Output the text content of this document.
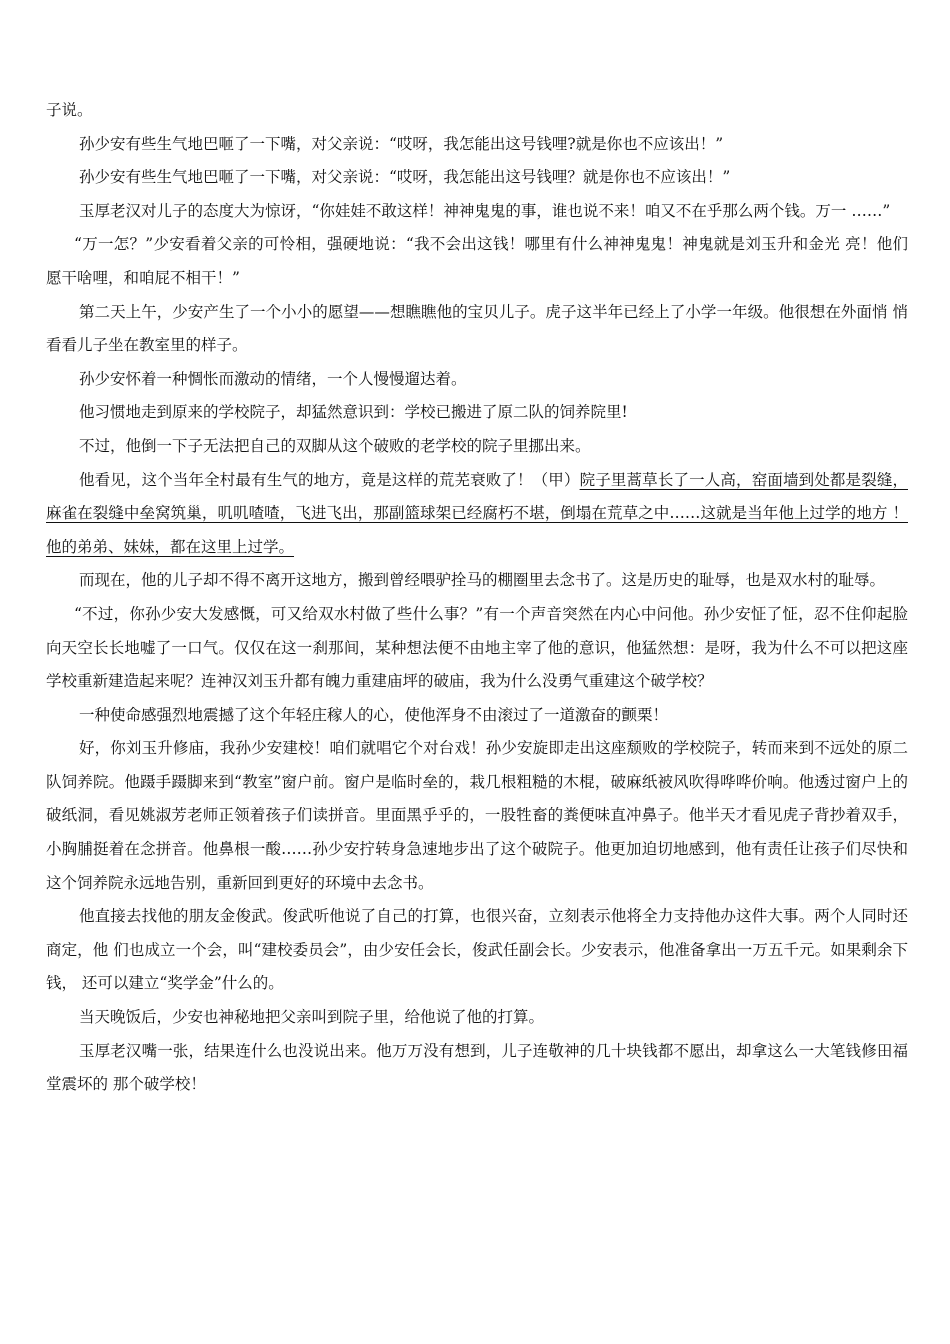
子说。

孙少安有些生气地巴咂了一下嘴，对父亲说：“哎呀，我怎能出这号钱哩?就是你也不应该出！”

孙少安有些生气地巴咂了一下嘴，对父亲说：“哎呀，我怎能出这号钱哩？就是你也不应该出！”

玉厚老汉对儿子的态度大为惊讶，“你娃娃不敢这样！神神鬼鬼的事，谁也说不来！咱又不在乎那么两个钱。万一 ……”

“万一怎？”少安看着父亲的可怜相，强硬地说：“我不会出这钱！哪里有什么神神鬼鬼！神鬼就是刘玉升和金光 亮！他们愿干啥哩，和咱屁不相干！”

第二天上午，少安产生了一个小小的愿望——想瞧瞧他的宝贝儿子。虎子这半年已经上了小学一年级。他很想在外面悄 悄看看儿子坐在教室里的样子。

孙少安怀着一种惆怅而激动的情绪，一个人慢慢遛达着。

他习惯地走到原来的学校院子，却猛然意识到：学校已搬进了原二队的饲养院里!

不过，他倒一下子无法把自己的双脚从这个破败的老学校的院子里挪出来。

他看见，这个当年全村最有生气的地方，竟是这样的荒芜衰败了！（甲）院子里蒿草长了一人高，窑面墙到处都是裂缝，麻雀在裂缝中垒窝筑巢，叽叽喳喳，飞进飞出，那副篮球架已经腐朽不堪，倒塌在荒草之中……这就是当年他上过学的地方 ！他的弟弟、妹妹，都在这里上过学。

而现在，他的儿子却不得不离开这地方，搬到曾经喂驴拴马的棚圈里去念书了。这是历史的耻辱，也是双水村的耻辱。

“不过，你孙少安大发感慨，可又给双水村做了些什么事？”有一个声音突然在内心中问他。孙少安怔了怔，忍不住仰起脸向天空长长地嘘了一口气。仅仅在这一刹那间，某种想法便不由地主宰了他的意识，他猛然想：是呀，我为什么不可以把这座学校重新建造起来呢？连神汉刘玉升都有魄力重建庙坪的破庙，我为什么没勇气重建这个破学校？

一种使命感强烈地震撼了这个年轻庄稼人的心，使他浑身不由滚过了一道激奋的颤栗！

好，你刘玉升修庙，我孙少安建校！咱们就唱它个对台戏！孙少安旋即走出这座颓败的学校院子，转而来到不远处的原二队饲养院。他蹑手蹑脚来到“教室”窗户前。窗户是临时垒的，栽几根粗糙的木棍，破麻纸被风吹得哗哗价响。他透过窗户上的破纸洞，看见姚淑芳老师正领着孩子们读拼音。里面黑乎乎的，一股牲畜的粪便味直冲鼻子。他半天才看见虎子背抄着双手，小胸脯挺着在念拼音。他鼻根一酸……孙少安拧转身急速地步出了这个破院子。他更加迫切地感到，他有责任让孩子们尽快和这个饲养院永远地告别，重新回到更好的环境中去念书。

他直接去找他的朋友金俊武。俊武听他说了自己的打算，也很兴奋，立刻表示他将全力支持他办这件大事。两个人同时还商定，他 们也成立一个会，叫“建校委员会”，由少安任会长，俊武任副会长。少安表示，他准备拿出一万五千元。如果剩余下钱， 还可以建立“奖学金”什么的。

当天晚饭后，少安也神秘地把父亲叫到院子里，给他说了他的打算。

玉厚老汉嘴一张，结果连什么也没说出来。他万万没有想到，儿子连敬神的几十块钱都不愿出，却拿这么一大笔钱修田福堂震坏的 那个破学校！
